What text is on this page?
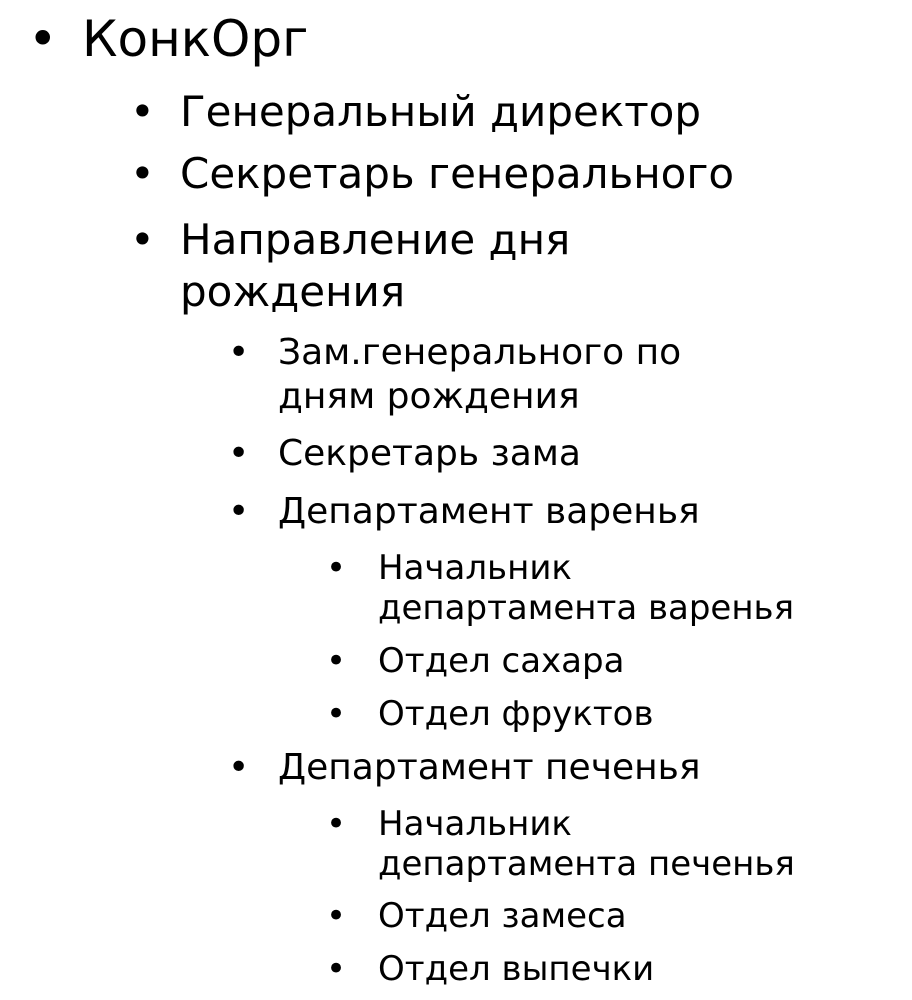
• КонкОрг
• Генеральный директор
• Секретарь генерального
• Направление дня
рождения
• Зам.генерального по
дням рождения
• Секретарь зама
• Департамент варенья
• Начальник
департамента варенья
• Отдел сахара
• Отдел фруктов
• Департамент печенья
• Начальник
департамента печенья
• Отдел замеса
• Отдел выпечки
